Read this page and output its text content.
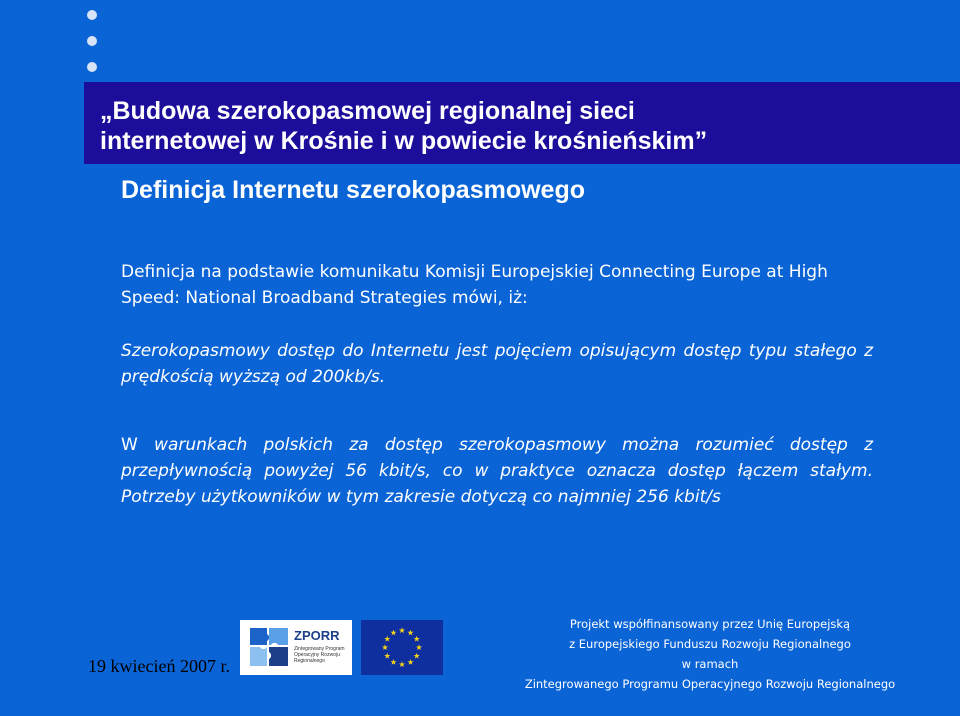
„Budowa szerokopasmowej regionalnej sieci
internetowej w Krośnie i w powiecie krośnieńskim”
Definicja Internetu szerokopasmowego
Definicja na podstawie komunikatu Komisji Europejskiej Connecting Europe at High Speed: National Broadband Strategies mówi, iż:
Szerokopasmowy dostęp do Internetu jest pojęciem opisującym dostęp typu stałego z prędkością wyższą od 200kb/s.
W warunkach polskich za dostęp szerokopasmowy można rozumieć dostęp z przepływnością powyżej 56 kbit/s, co w praktyce oznacza dostęp łączem stałym. Potrzeby użytkowników w tym zakresie dotyczą co najmniej 256 kbit/s
19 kwiecień 2007 r.
ZPORR
Zintegrowany Program Operacyjny Rozwoju Regionalnego
Projekt współfinansowany przez Unię Europejską
z Europejskiego Funduszu Rozwoju Regionalnego
w ramach
Zintegrowanego Programu Operacyjnego Rozwoju Regionalnego
